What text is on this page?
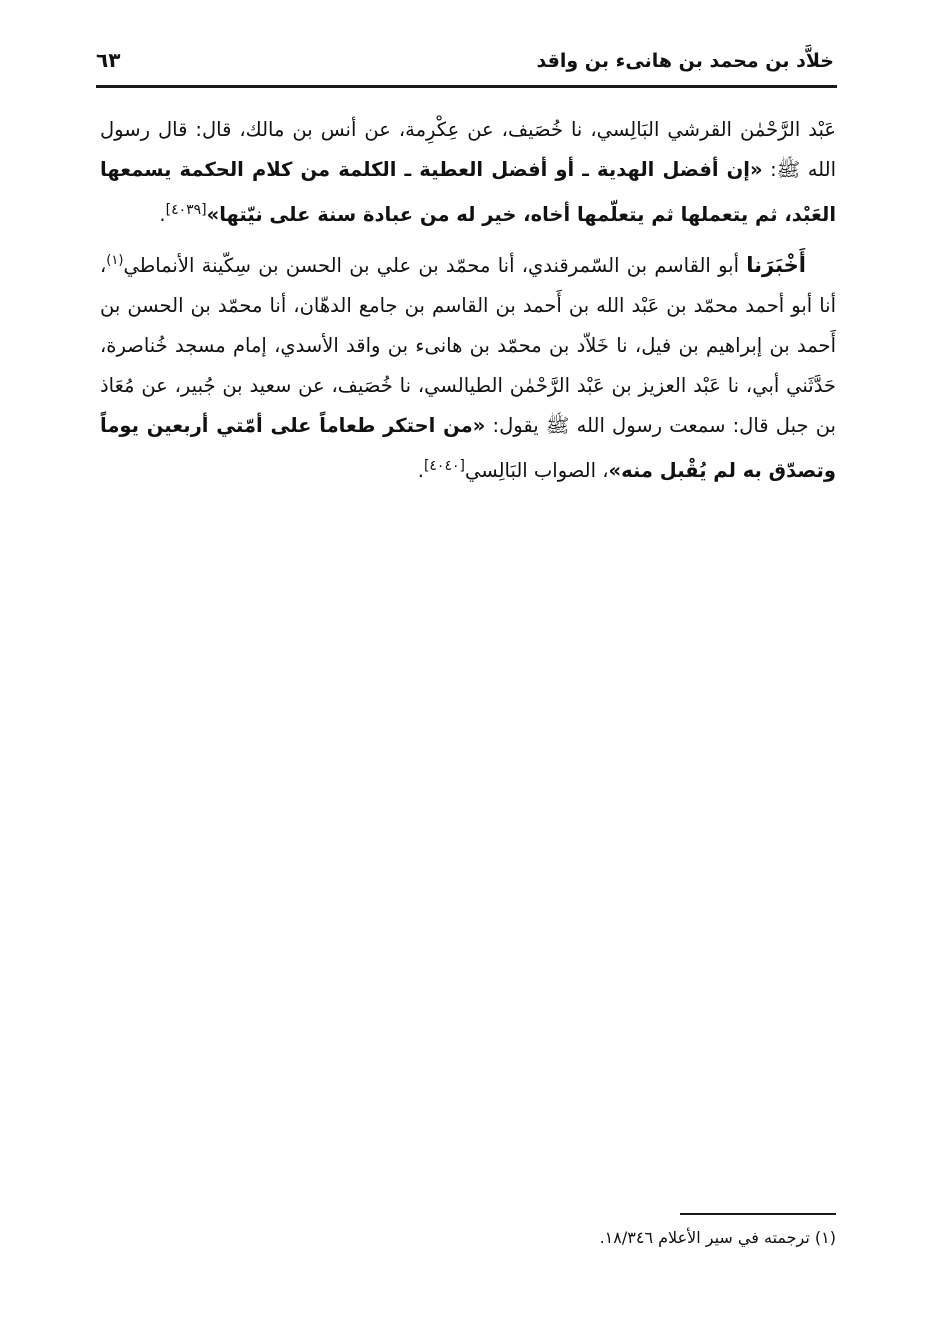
خلاَّد بن محمد بن هانىء بن واقد
٦٣

عَبْد الرَّحْمٰن القرشي البَالِسي، نا خُصَيف، عن عِكْرِمة، عن أنس بن مالك، قال: قال رسول الله ﷺ: «إن أفضل الهدية ـ أو أفضل العطية ـ الكلمة من كلام الحكمة يسمعها العَبْد، ثم يتعملها ثم يتعلّمها أخاه، خير له من عبادة سنة على نيّتها»[٤٠٣٩].

أَخْبَرَنا أبو القاسم بن السّمرقندي، أنا محمّد بن علي بن الحسن بن سِكّينة الأنماطي$^{(١)}$، أنا أبو أحمد محمّد بن عَبْد الله بن أَحمد بن القاسم بن جامع الدهّان، أنا محمّد بن الحسن بن أَحمد بن إبراهيم بن فيل، نا خَلاّد بن محمّد بن هانىء بن واقد الأسدي، إمام مسجد خُناصرة، حَدَّثَني أبي، نا عَبْد العزيز بن عَبْد الرَّحْمٰن الطيالسي، نا خُصَيف، عن سعيد بن جُبير، عن مُعَاذ بن جبل قال: سمعت رسول الله ﷺ يقول: «من احتكر طعاماً على أمّتي أربعين يوماً وتصدّق به لم يُقْبل منه»، الصواب البَالِسي[٤٠٤٠].

(١) ترجمته في سير الأعلام ١٨/٣٤٦.
